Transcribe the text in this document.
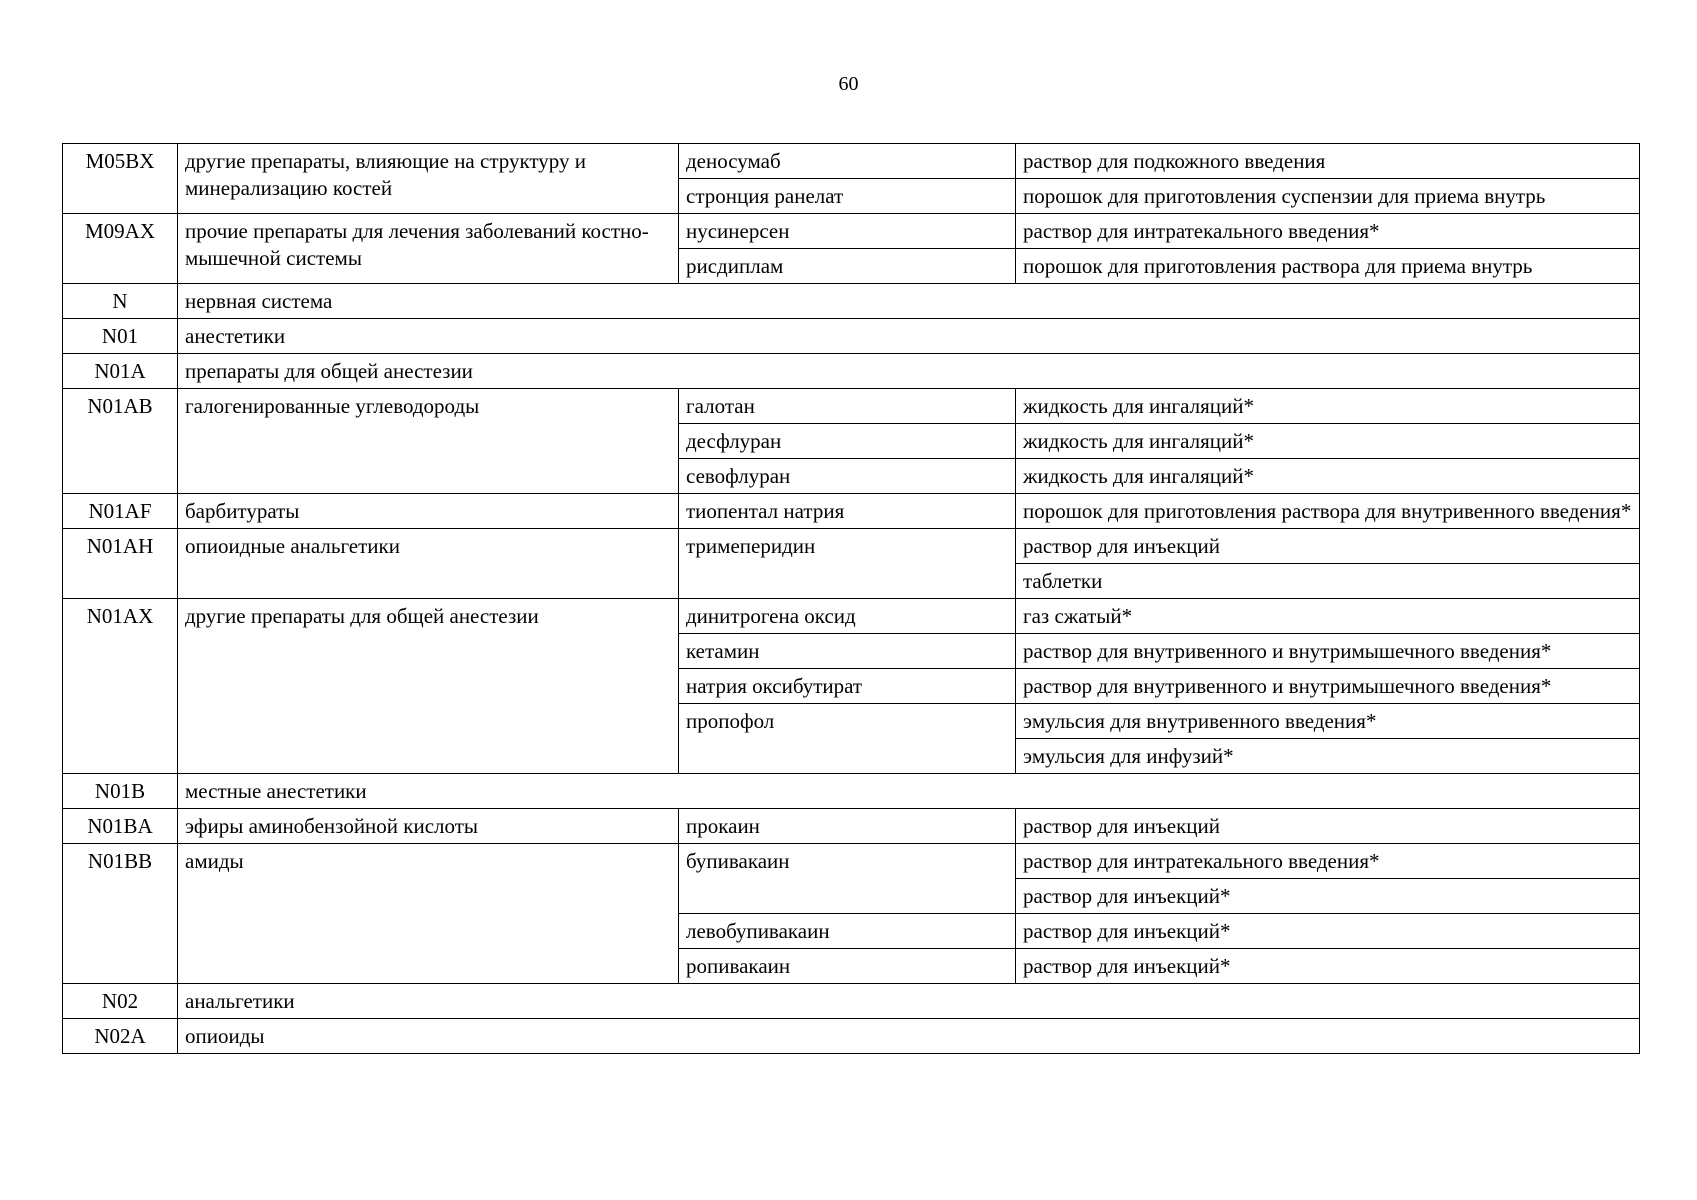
60
M05BX	другие препараты, влияющие на структуру и минерализацию костей	деносумаб	раствор для подкожного введения
		стронция ранелат	порошок для приготовления суспензии для приема внутрь
M09AX	прочие препараты для лечения заболеваний костно-мышечной системы	нусинерсен	раствор для интратекального введения*
		рисдиплам	порошок для приготовления раствора для приема внутрь
N	нервная система		
N01	анестетики		
N01A	препараты для общей анестезии		
N01AB	галогенированные углеводороды	галотан	жидкость для ингаляций*
		десфлуран	жидкость для ингаляций*
		севофлуран	жидкость для ингаляций*
N01AF	барбитураты	тиопентал натрия	порошок для приготовления раствора для внутривенного введения*
N01AH	опиоидные анальгетики	тримеперидин	раствор для инъекций
			таблетки
N01AX	другие препараты для общей анестезии	динитрогена оксид	газ сжатый*
		кетамин	раствор для внутривенного и внутримышечного введения*
		натрия оксибутират	раствор для внутривенного и внутримышечного введения*
		пропофол	эмульсия для внутривенного введения*
			эмульсия для инфузий*
N01B	местные анестетики		
N01BA	эфиры аминобензойной кислоты	прокаин	раствор для инъекций
N01BB	амиды	бупивакаин	раствор для интратекального введения*
			раствор для инъекций*
		левобупивакаин	раствор для инъекций*
		ропивакаин	раствор для инъекций*
N02	анальгетики		
N02A	опиоиды		
